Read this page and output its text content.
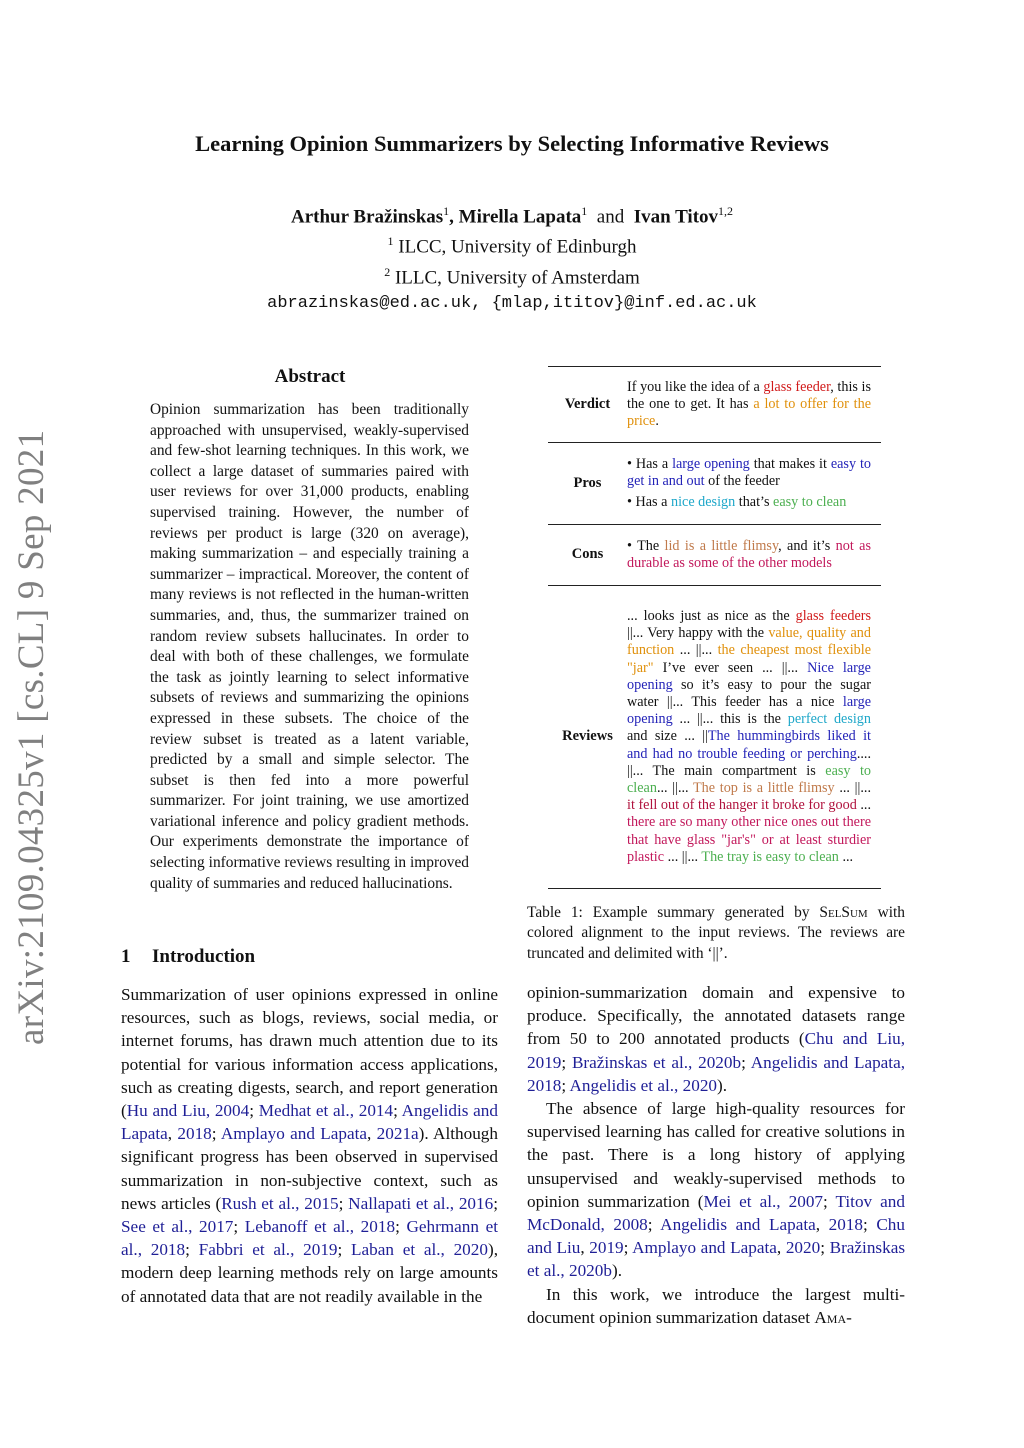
arXiv:2109.04325v1 [cs.CL] 9 Sep 2021
Learning Opinion Summarizers by Selecting Informative Reviews
Arthur Bražinskas$^1$, Mirella Lapata$^1$ and Ivan Titov$^{1,2}$
$^1$ ILCC, University of Edinburgh
$^2$ ILLC, University of Amsterdam
abrazinskas@ed.ac.uk, {mlap,ititov}@inf.ed.ac.uk
Abstract
Opinion summarization has been traditionally approached with unsupervised, weakly-supervised and few-shot learning techniques. In this work, we collect a large dataset of summaries paired with user reviews for over 31,000 products, enabling supervised training. However, the number of reviews per product is large (320 on average), making summarization – and especially training a summarizer – impractical. Moreover, the content of many reviews is not reflected in the human-written summaries, and, thus, the summarizer trained on random review subsets hallucinates. In order to deal with both of these challenges, we formulate the task as jointly learning to select informative subsets of reviews and summarizing the opinions expressed in these subsets. The choice of the review subset is treated as a latent variable, predicted by a small and simple selector. The subset is then fed into a more powerful summarizer. For joint training, we use amortized variational inference and policy gradient methods. Our experiments demonstrate the importance of selecting informative reviews resulting in improved quality of summaries and reduced hallucinations.
1 Introduction

Summarization of user opinions expressed in online resources, such as blogs, reviews, social media, or internet forums, has drawn much attention due to its potential for various information access applications, such as creating digests, search, and report generation (Hu and Liu, 2004; Medhat et al., 2014; Angelidis and Lapata, 2018; Amplayo and Lapata, 2021a). Although significant progress has been observed in supervised summarization in non-subjective context, such as news articles (Rush et al., 2015; Nallapati et al., 2016; See et al., 2017; Lebanoff et al., 2018; Gehrmann et al., 2018; Fabbri et al., 2019; Laban et al., 2020), modern deep learning methods rely on large amounts of annotated data that are not readily available in the

Verdict
If you like the idea of a glass feeder, this is the one to get. It has a lot to offer for the price.
Pros
• Has a large opening that makes it easy to get in and out of the feeder
• Has a nice design that’s easy to clean
Cons
• The lid is a little flimsy, and it’s not as durable as some of the other models
Reviews
... looks just as nice as the glass feeders ||... Very happy with the value, quality and function ... ||... the cheapest most flexible "jar" I’ve ever seen ... ||... Nice large opening so it’s easy to pour the sugar water ||... This feeder has a nice large opening ... ||... this is the perfect design and size ... ||The hummingbirds liked it and had no trouble feeding or perching.... ||... The main compartment is easy to clean... ||... The top is a little flimsy ... ||... it fell out of the hanger it broke for good ... there are so many other nice ones out there that have glass "jar's" or at least sturdier plastic ... ||... The tray is easy to clean ...
Table 1: Example summary generated by SelSum with colored alignment to the input reviews. The reviews are truncated and delimited with ‘||’.

opinion-summarization domain and expensive to produce. Specifically, the annotated datasets range from 50 to 200 annotated products (Chu and Liu, 2019; Bražinskas et al., 2020b; Angelidis and Lapata, 2018; Angelidis et al., 2020).

The absence of large high-quality resources for supervised learning has called for creative solutions in the past. There is a long history of applying unsupervised and weakly-supervised methods to opinion summarization (Mei et al., 2007; Titov and McDonald, 2008; Angelidis and Lapata, 2018; Chu and Liu, 2019; Amplayo and Lapata, 2020; Bražinskas et al., 2020b).

In this work, we introduce the largest multi-document opinion summarization dataset Ama-
